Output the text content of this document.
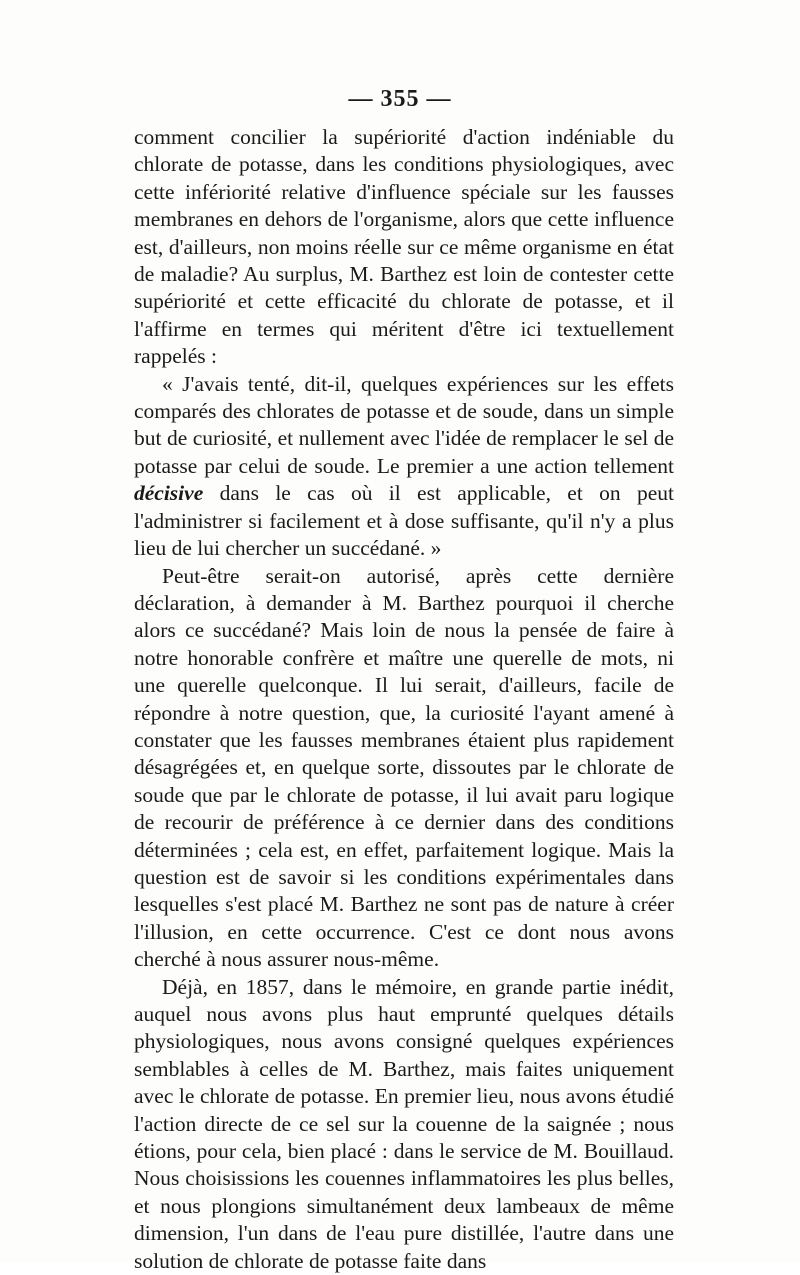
— 355 —

comment concilier la supériorité d'action indéniable du chlorate de potasse, dans les conditions physiologiques, avec cette infériorité relative d'influence spéciale sur les fausses membranes en dehors de l'organisme, alors que cette influence est, d'ailleurs, non moins réelle sur ce même organisme en état de maladie? Au surplus, M. Barthez est loin de contester cette supériorité et cette efficacité du chlorate de potasse, et il l'affirme en termes qui méritent d'être ici textuellement rappelés :

« J'avais tenté, dit-il, quelques expériences sur les effets comparés des chlorates de potasse et de soude, dans un simple but de curiosité, et nullement avec l'idée de remplacer le sel de potasse par celui de soude. Le premier a une action tellement décisive dans le cas où il est applicable, et on peut l'administrer si facilement et à dose suffisante, qu'il n'y a plus lieu de lui chercher un succédané. »

Peut-être serait-on autorisé, après cette dernière déclaration, à demander à M. Barthez pourquoi il cherche alors ce succédané? Mais loin de nous la pensée de faire à notre honorable confrère et maître une querelle de mots, ni une querelle quelconque. Il lui serait, d'ailleurs, facile de répondre à notre question, que, la curiosité l'ayant amené à constater que les fausses membranes étaient plus rapidement désagrégées et, en quelque sorte, dissoutes par le chlorate de soude que par le chlorate de potasse, il lui avait paru logique de recourir de préférence à ce dernier dans des conditions déterminées ; cela est, en effet, parfaitement logique. Mais la question est de savoir si les conditions expérimentales dans lesquelles s'est placé M. Barthez ne sont pas de nature à créer l'illusion, en cette occurrence. C'est ce dont nous avons cherché à nous assurer nous-même.

Déjà, en 1857, dans le mémoire, en grande partie inédit, auquel nous avons plus haut emprunté quelques détails physiologiques, nous avons consigné quelques expériences semblables à celles de M. Barthez, mais faites uniquement avec le chlorate de potasse. En premier lieu, nous avons étudié l'action directe de ce sel sur la couenne de la saignée ; nous étions, pour cela, bien placé : dans le service de M. Bouillaud. Nous choisissions les couennes inflammatoires les plus belles, et nous plongions simultanément deux lambeaux de même dimension, l'un dans de l'eau pure distillée, l'autre dans une solution de chlorate de potasse faite dans
